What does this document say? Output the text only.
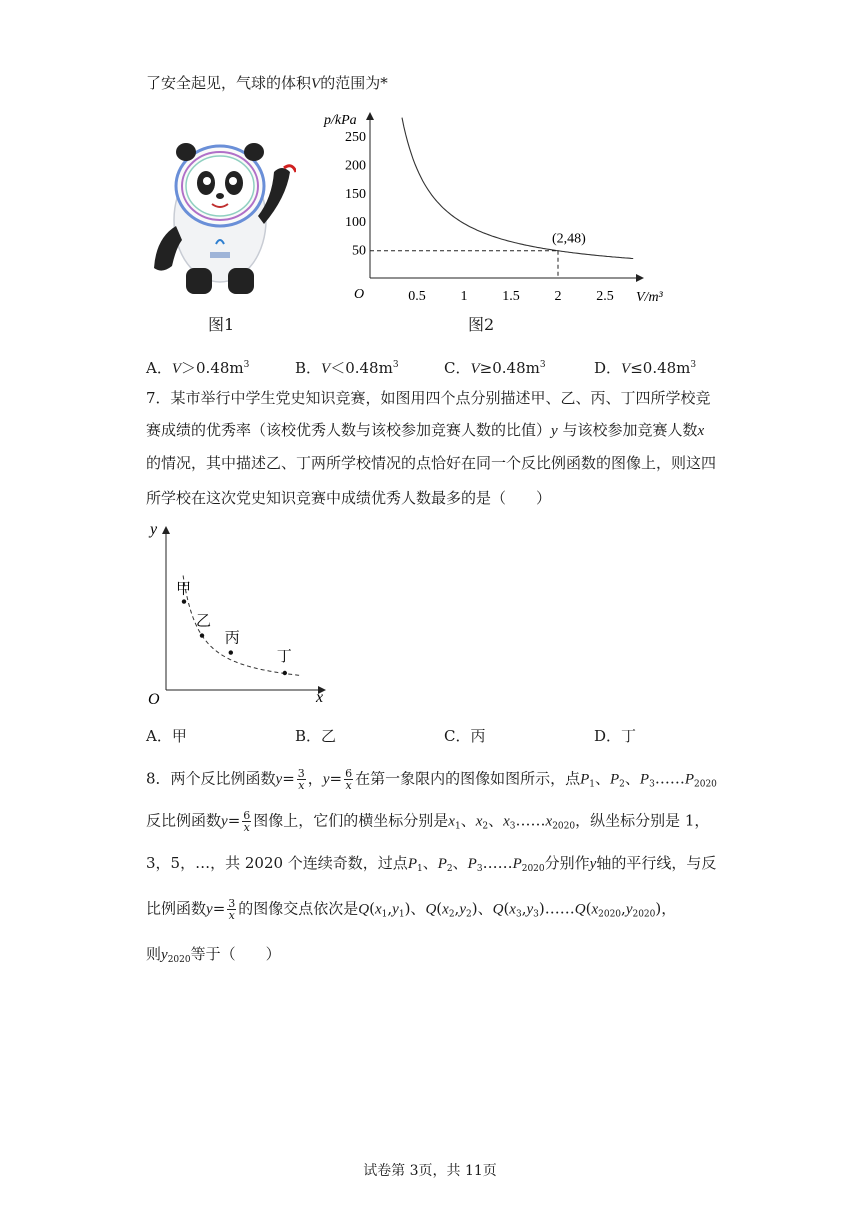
了安全起见，气球的体积V的范围为*
图1
p/kPa
V/m³
O	0.5 1 1.5 2 2.5
50
100
150
200
250
(2,48)
图2
A．$V>0.48m^3$	B．$V<0.48m^3$	C．$V\ge 0.48m^3$	D．$V\le 0.48m^3$
7．某市举行中学生党史知识竞赛，如图用四个点分别描述甲、乙、丙、丁四所学校竞
赛成绩的优秀率（该校优秀人数与该校参加竞赛人数的比值）y 与该校参加竞赛人数x
的情况，其中描述乙、丁两所学校情况的点恰好在同一个反比例函数的图像上，则这四
所学校在这次党史知识竞赛中成绩优秀人数最多的是（　　）
y
x
O
甲
乙
丙
丁
A．甲	B．乙	C．丙	D．丁
8．两个反比例函数$y= \frac{3}{x}$ ，$y= \frac{6}{x}$ 在第一象限内的图像如图所示，点$P_1$、$P_2$、$P_3\dots\dots P_{2020}$
反比例函数$y= \frac{6}{x}$ 图像上，它们的横坐标分别是$x_1$、$x_2$、$x_3\dots\dots x_{2020}$，纵坐标分别是 1，
3，5，…，共 2020 个连续奇数，过点$P_1$、$P_2$、$P_3\dots\dots P_{2020}$分别作y轴的平行线，与反
比例函数$y= \frac{3}{x}$ 的图像交点依次是$Q(x_1,y_1)$、$Q(x_2,y_2)$、$Q(x_3,y_3)\dots\dots Q(x_{2020},y_{2020})$，
则$y_{2020}$等于（　　）
试卷第 3页，共 11页
